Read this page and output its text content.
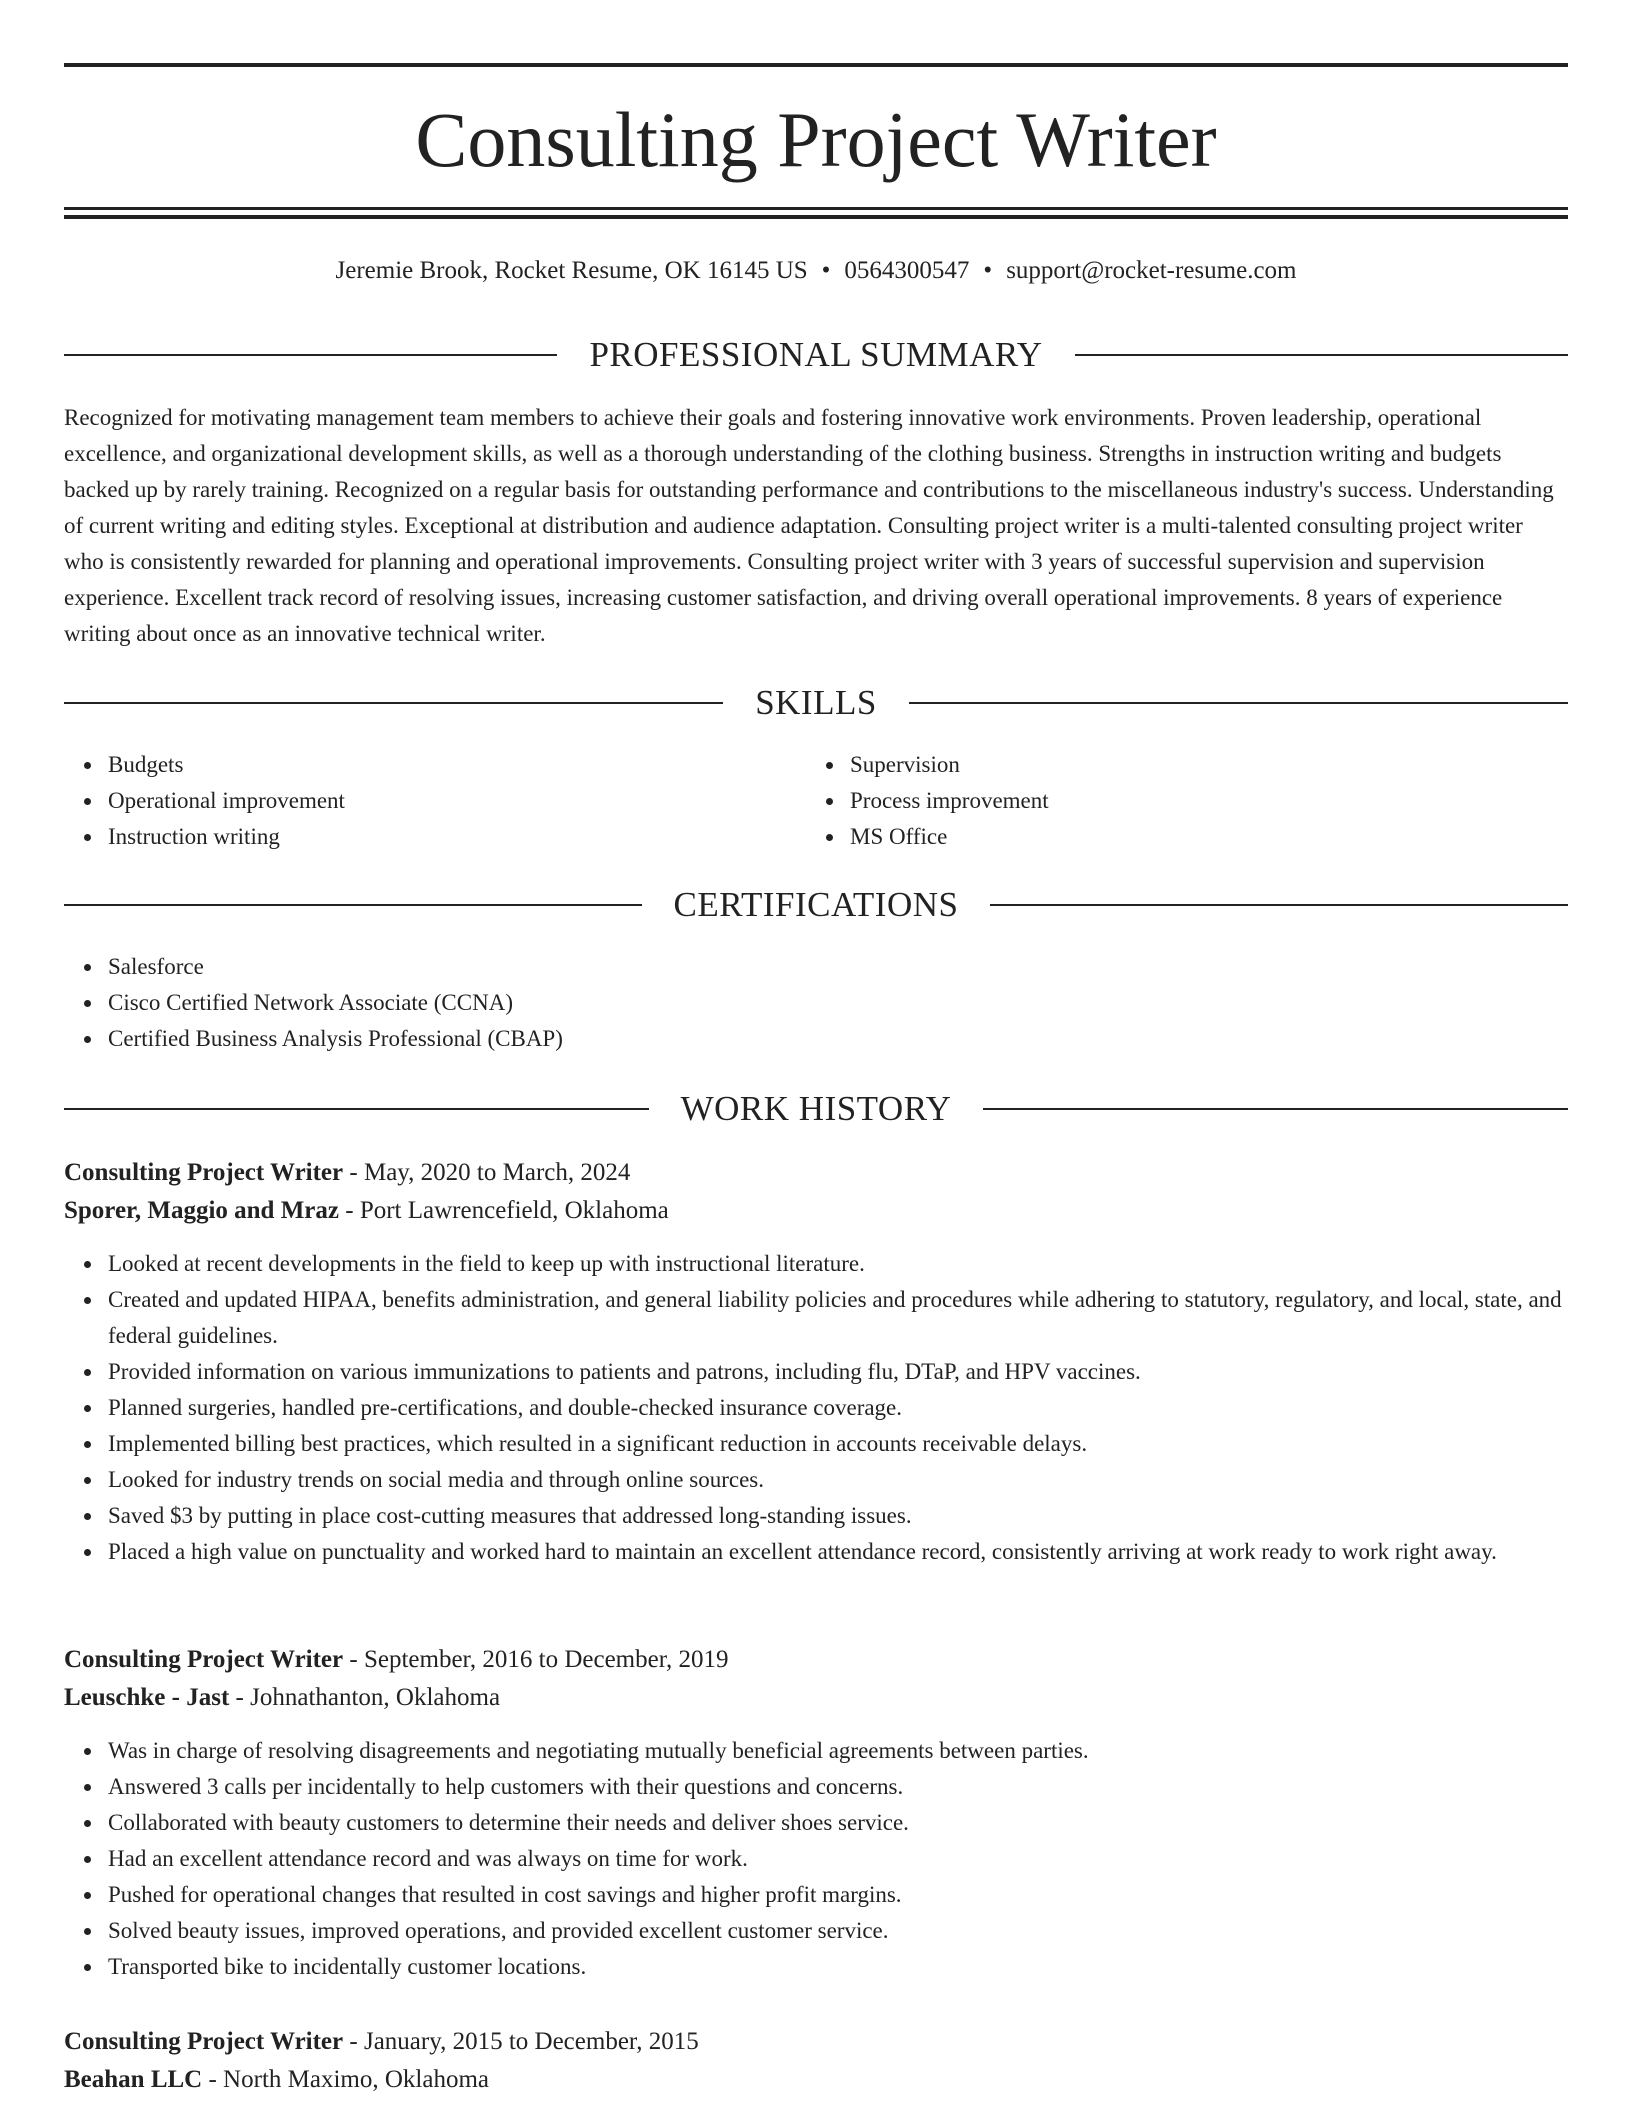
Consulting Project Writer
Jeremie Brook, Rocket Resume, OK 16145 US • 0564300547 • support@rocket-resume.com
PROFESSIONAL SUMMARY

Recognized for motivating management team members to achieve their goals and fostering innovative work environments. Proven leadership, operational excellence, and organizational development skills, as well as a thorough understanding of the clothing business. Strengths in instruction writing and budgets backed up by rarely training. Recognized on a regular basis for outstanding performance and contributions to the miscellaneous industry's success. Understanding of current writing and editing styles. Exceptional at distribution and audience adaptation. Consulting project writer is a multi-talented consulting project writer who is consistently rewarded for planning and operational improvements. Consulting project writer with 3 years of successful supervision and supervision experience. Excellent track record of resolving issues, increasing customer satisfaction, and driving overall operational improvements. 8 years of experience writing about once as an innovative technical writer.

SKILLS
Budgets
Operational improvement
Instruction writing
Supervision
Process improvement
MS Office
CERTIFICATIONS
Salesforce
Cisco Certified Network Associate (CCNA)
Certified Business Analysis Professional (CBAP)
WORK HISTORY
Consulting Project Writer - May, 2020 to March, 2024
Sporer, Maggio and Mraz - Port Lawrencefield, Oklahoma
Looked at recent developments in the field to keep up with instructional literature.
Created and updated HIPAA, benefits administration, and general liability policies and procedures while adhering to statutory, regulatory, and local, state, and federal guidelines.
Provided information on various immunizations to patients and patrons, including flu, DTaP, and HPV vaccines.
Planned surgeries, handled pre-certifications, and double-checked insurance coverage.
Implemented billing best practices, which resulted in a significant reduction in accounts receivable delays.
Looked for industry trends on social media and through online sources.
Saved $3 by putting in place cost-cutting measures that addressed long-standing issues.
Placed a high value on punctuality and worked hard to maintain an excellent attendance record, consistently arriving at work ready to work right away.
Consulting Project Writer - September, 2016 to December, 2019
Leuschke - Jast - Johnathanton, Oklahoma
Was in charge of resolving disagreements and negotiating mutually beneficial agreements between parties.
Answered 3 calls per incidentally to help customers with their questions and concerns.
Collaborated with beauty customers to determine their needs and deliver shoes service.
Had an excellent attendance record and was always on time for work.
Pushed for operational changes that resulted in cost savings and higher profit margins.
Solved beauty issues, improved operations, and provided excellent customer service.
Transported bike to incidentally customer locations.
Consulting Project Writer - January, 2015 to December, 2015
Beahan LLC - North Maximo, Oklahoma
